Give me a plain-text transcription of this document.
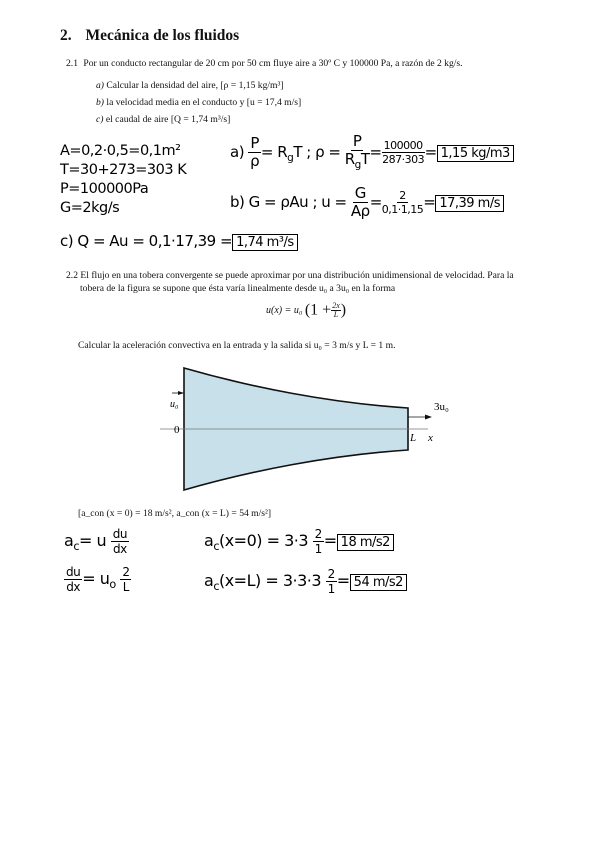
2. Mecánica de los fluidos
2.1 Por un conducto rectangular de 20 cm por 50 cm fluye aire a 30º C y 100000 Pa, a razón de 2 kg/s.
a) Calcular la densidad del aire, [ρ = 1,15 kg/m³]
b) la velocidad media en el conducto y [u = 17,4 m/s]
c) el caudal de aire [Q = 1,74 m³/s]
A=0,2·0,5=0,1m²
T=30+273=303 K
P=100000Pa
G=2kg/s
$a) \frac{P}{\rho} = R_gT$ ; $\rho = \frac{P}{R_gT} = \frac{100000}{287\cdot 303} = 1,15$ kg/m3
b) G = ρAu ; $u = \frac{G}{A\rho} = \frac{2}{0,1\cdot 1,15} = 17,39$ m/s
c) Q = Au = 0,1·17,39 = 1,74 m³/s
2.2 El flujo en una tobera convergente se puede aproximar por una distribución unidimensional de velocidad. Para la
tobera de la figura se supone que ésta varía linealmente desde u₀ a 3u₀ en la forma
u(x) = u₀ ($1 + \frac{2x}{L}$ )
Calcular la aceleración convectiva en la entrada y la salida si u₀ = 3 m/s y L = 1 m.
u₀	3u₀
0
L x
[a_con (x = 0) = 18 m/s², a_con (x = L) = 54 m/s²]
$a_c= u \frac{du}{dx}$
$\frac{du}{dx} = u_o \frac{2}{L}$
$a_c(x=0) = 3\cdot 3 \frac{2}{1} = 18$ m/s2
$a_c(x=L) = 3\cdot 3\cdot 3 \frac{2}{1} = 54$ m/s2
